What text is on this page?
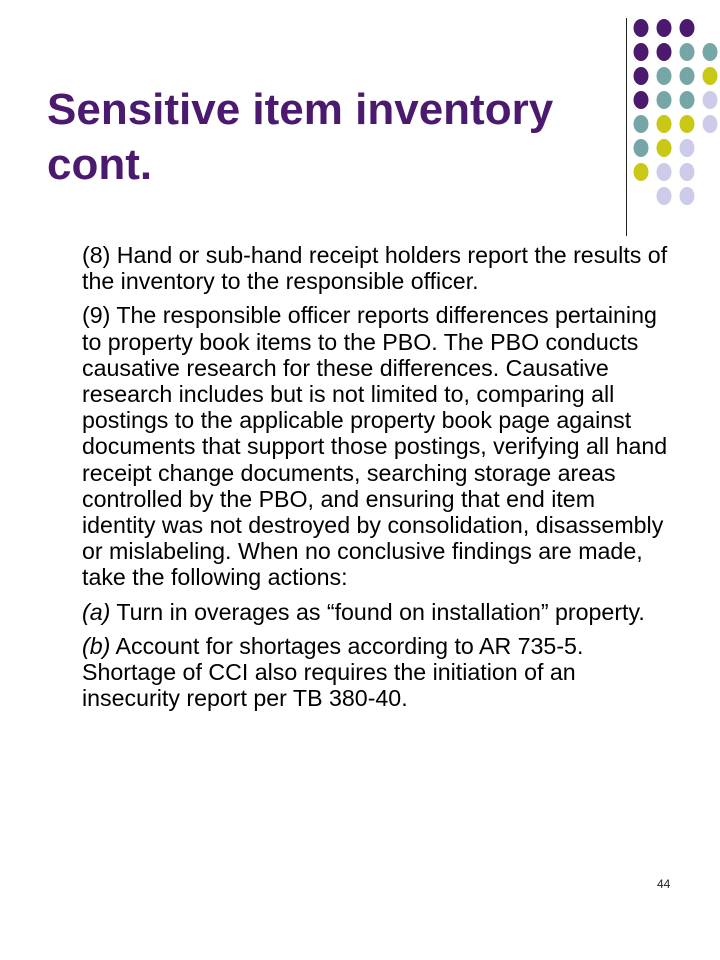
Sensitive item inventory cont.

(8) Hand or sub-hand receipt holders report the results of the inventory to the responsible officer.

(9) The responsible officer reports differences pertaining to property book items to the PBO. The PBO conducts causative research for these differences. Causative research includes but is not limited to, comparing all postings to the applicable property book page against documents that support those postings, verifying all hand receipt change documents, searching storage areas controlled by the PBO, and ensuring that end item identity was not destroyed by consolidation, disassembly or mislabeling. When no conclusive findings are made, take the following actions:

(a) Turn in overages as “found on installation” property.

(b) Account for shortages according to AR 735-5. Shortage of CCI also requires the initiation of an insecurity report per TB 380-40.

44
